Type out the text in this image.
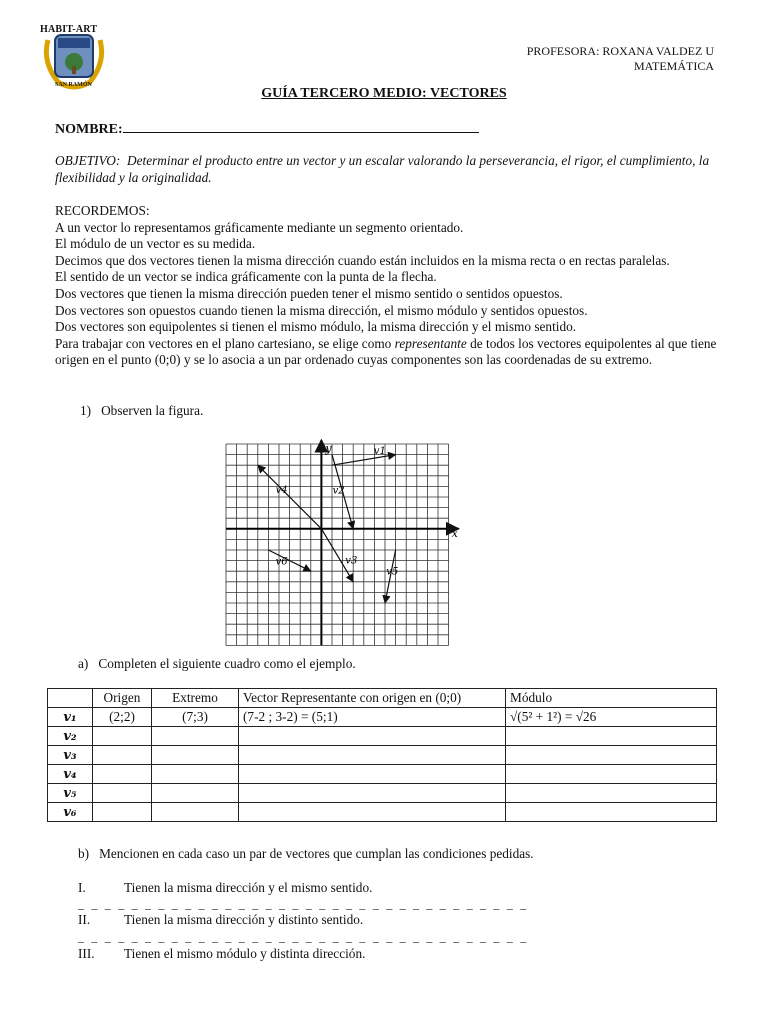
HABIT-ART
SAN RAMÓN
PROFESORA: ROXANA VALDEZ U
MATEMÁTICA
GUÍA TERCERO MEDIO: VECTORES
NOMBRE:
OBJETIVO: Determinar el producto entre un vector y un escalar valorando la perseverancia, el rigor, el cumplimiento, la flexibilidad y la originalidad.

RECORDEMOS:

A un vector lo representamos gráficamente mediante un segmento orientado.

El módulo de un vector es su medida.

Decimos que dos vectores tienen la misma dirección cuando están incluidos en la misma recta o en rectas paralelas.

El sentido de un vector se indica gráficamente con la punta de la flecha.

Dos vectores que tienen la misma dirección pueden tener el mismo sentido o sentidos opuestos.

Dos vectores son opuestos cuando tienen la misma dirección, el mismo módulo y sentidos opuestos.

Dos vectores son equipolentes si tienen el mismo módulo, la misma dirección y el mismo sentido.

Para trabajar con vectores en el plano cartesiano, se elige como representante de todos los vectores equipolentes al que tiene origen en el punto (0;0) y se lo asocia a un par ordenado cuyas componentes son las coordenadas de su extremo.

1) Observen la figura.
x
y	v1
v2
v3
v4
v5
v6
a) Completen el siguiente cuadro como el ejemplo.
	Origen	Extremo	Vector Representante con origen en (0;0)	Módulo
v₁	(2;2)	(7;3)	(7-2 ; 3-2) = (5;1)	√(5² + 1²) = √26
v₂				
v₃				
v₄				
v₅				
v₆				
b) Mencionen en cada caso un par de vectores que cumplan las condiciones pedidas.
I.	Tienen la misma dirección y el mismo sentido.
_ _ _ _ _ _ _ _ _ _ _ _ _ _ _ _ _ _ _ _ _ _ _ _ _ _ _ _ _ _ _ _ _ _
II.	Tienen la misma dirección y distinto sentido.
_ _ _ _ _ _ _ _ _ _ _ _ _ _ _ _ _ _ _ _ _ _ _ _ _ _ _ _ _ _ _ _ _ _
III. Tienen el mismo módulo y distinta dirección.
